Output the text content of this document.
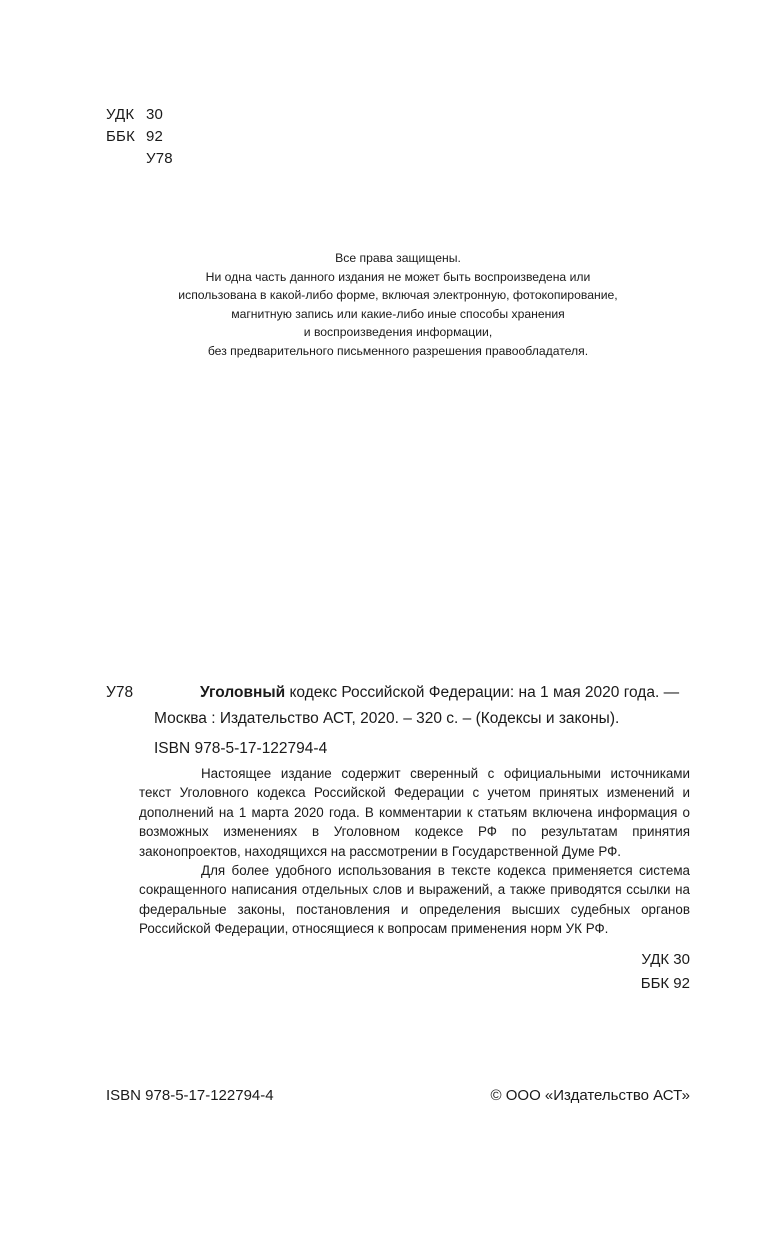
УДК 30
ББК 92
У78
Все права защищены.
Ни одна часть данного издания не может быть воспроизведена или
использована в какой-либо форме, включая электронную, фотокопирование,
магнитную запись или какие-либо иные способы хранения
и воспроизведения информации,
без предварительного письменного разрешения правообладателя.
У78	Уголовный кодекс Российской Федерации: на 1 мая 2020 года. —
Москва : Издательство АСТ, 2020. – 320 с. – (Кодексы и законы).
ISBN 978-5-17-122794-4

Настоящее издание содержит сверенный с официальными источниками текст Уголовного кодекса Российской Федерации с учетом принятых изменений и дополнений на 1 марта 2020 года. В комментарии к статьям включена информация о возможных изменениях в Уголовном кодексе РФ по результатам принятия законопроектов, находящихся на рассмотрении в Государственной Думе РФ.

Для более удобного использования в тексте кодекса применяется система сокращенного написания отдельных слов и выражений, а также приводятся ссылки на федеральные законы, постановления и определения высших судебных органов Российской Федерации, относящиеся к вопросам применения норм УК РФ.

УДК 30
ББК 92
ISBN 978-5-17-122794-4	© ООО «Издательство АСТ»
